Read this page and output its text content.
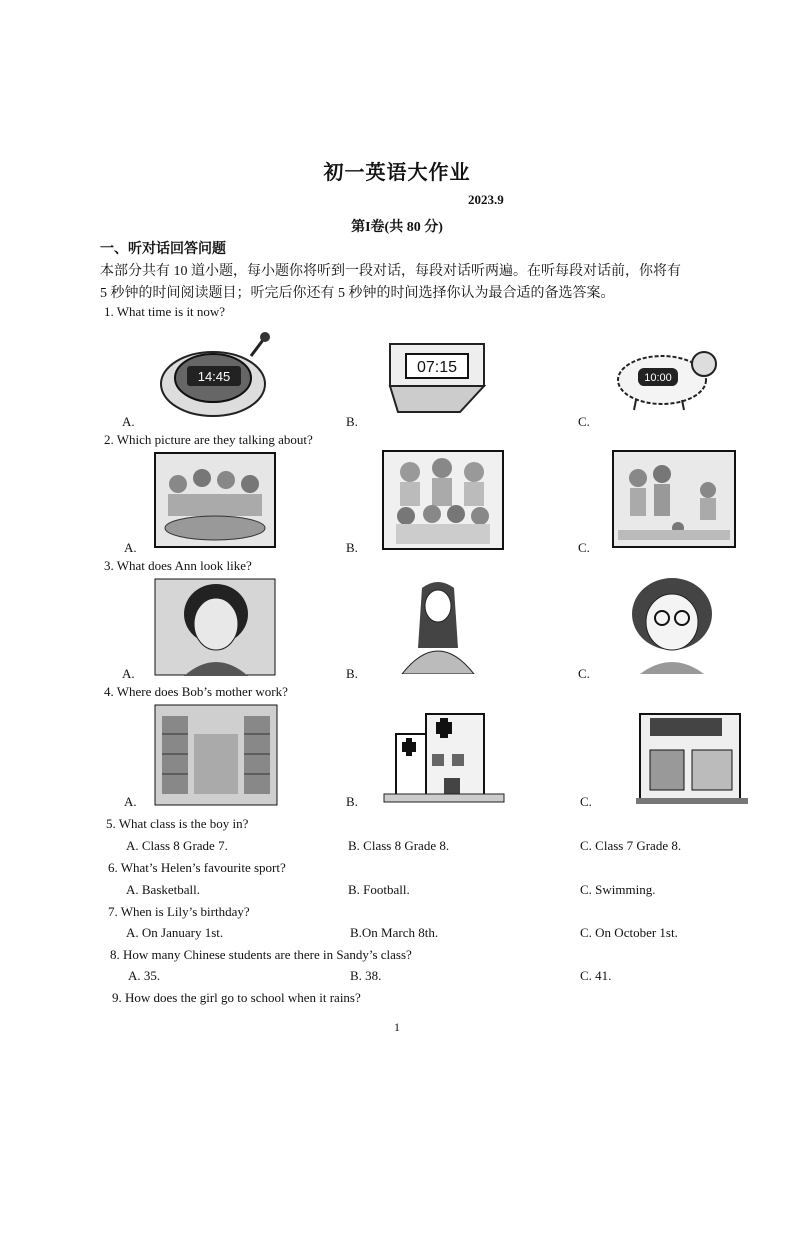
初一英语大作业
2023.9
第I卷(共 80 分)
一、听对话回答问题
本部分共有 10 道小题，每小题你将听到一段对话，每段对话听两遍。在听每段对话前，你将有
5 秒钟的时间阅读题目；听完后你还有 5 秒钟的时间选择你认为最合适的备选答案。
1. What time is it now?
14:45
07:15
10:00
A.	B.	C.
2. Which picture are they talking about?
A.	B.	C.
3. What does Ann look like?
A.	B.	C.
4. Where does Bob’s mother work?
A.	B.	C.
5. What class is the boy in?
A. Class 8 Grade 7.	B. Class 8 Grade 8.	C. Class 7 Grade 8.
6. What’s Helen’s favourite sport?
A. Basketball.	B. Football.	C. Swimming.
7. When is Lily’s birthday?
A. On January 1st.	B.On March 8th.	C. On October 1st.
8. How many Chinese students are there in Sandy’s class?
A. 35.	B. 38.	C. 41.
9. How does the girl go to school when it rains?
1
